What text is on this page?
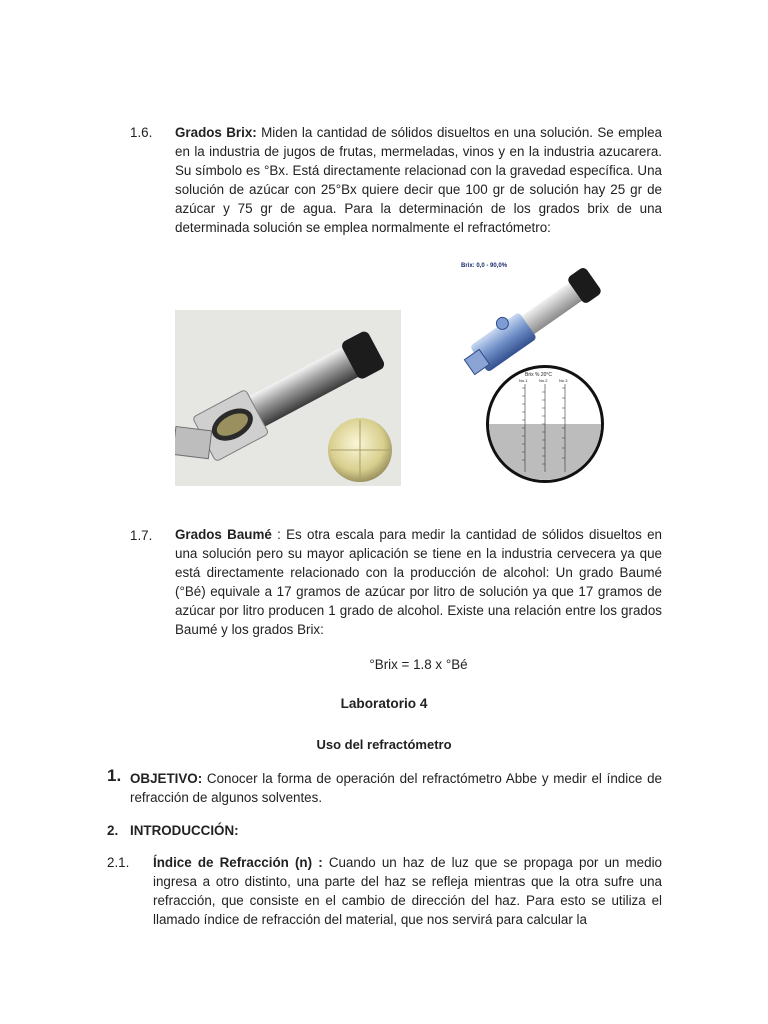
1.6. Grados Brix: Miden la cantidad de sólidos disueltos en una solución. Se emplea en la industria de jugos de frutas, mermeladas, vinos y en la industria azucarera. Su símbolo es °Bx. Está directamente relacionad con la gravedad específica. Una solución de azúcar con 25°Bx quiere decir que 100 gr de solución hay 25 gr de azúcar y 75 gr de agua. Para la determinación de los grados brix de una determinada solución se emplea normalmente el refractómetro:

Brix: 0,0 - 90,0%
Brix % 20°C
No.1	No.2	No.3
1.7. Grados Baumé : Es otra escala para medir la cantidad de sólidos disueltos en una solución pero su mayor aplicación se tiene en la industria cervecera ya que está directamente relacionado con la producción de alcohol: Un grado Baumé (°Bé) equivale a 17 gramos de azúcar por litro de solución ya que 17 gramos de azúcar por litro producen 1 grado de alcohol. Existe una relación entre los grados Baumé y los grados Brix:

°Brix = 1.8 x °Bé
Laboratorio 4
Uso del refractómetro
1. OBJETIVO: Conocer la forma de operación del refractómetro Abbe y medir el índice de refracción de algunos solventes.

2. INTRODUCCIÓN:
2.1. Índice de Refracción (n) : Cuando un haz de luz que se propaga por un medio ingresa a otro distinto, una parte del haz se refleja mientras que la otra sufre una refracción, que consiste en el cambio de dirección del haz. Para esto se utiliza el llamado índice de refracción del material, que nos servirá para calcular la
